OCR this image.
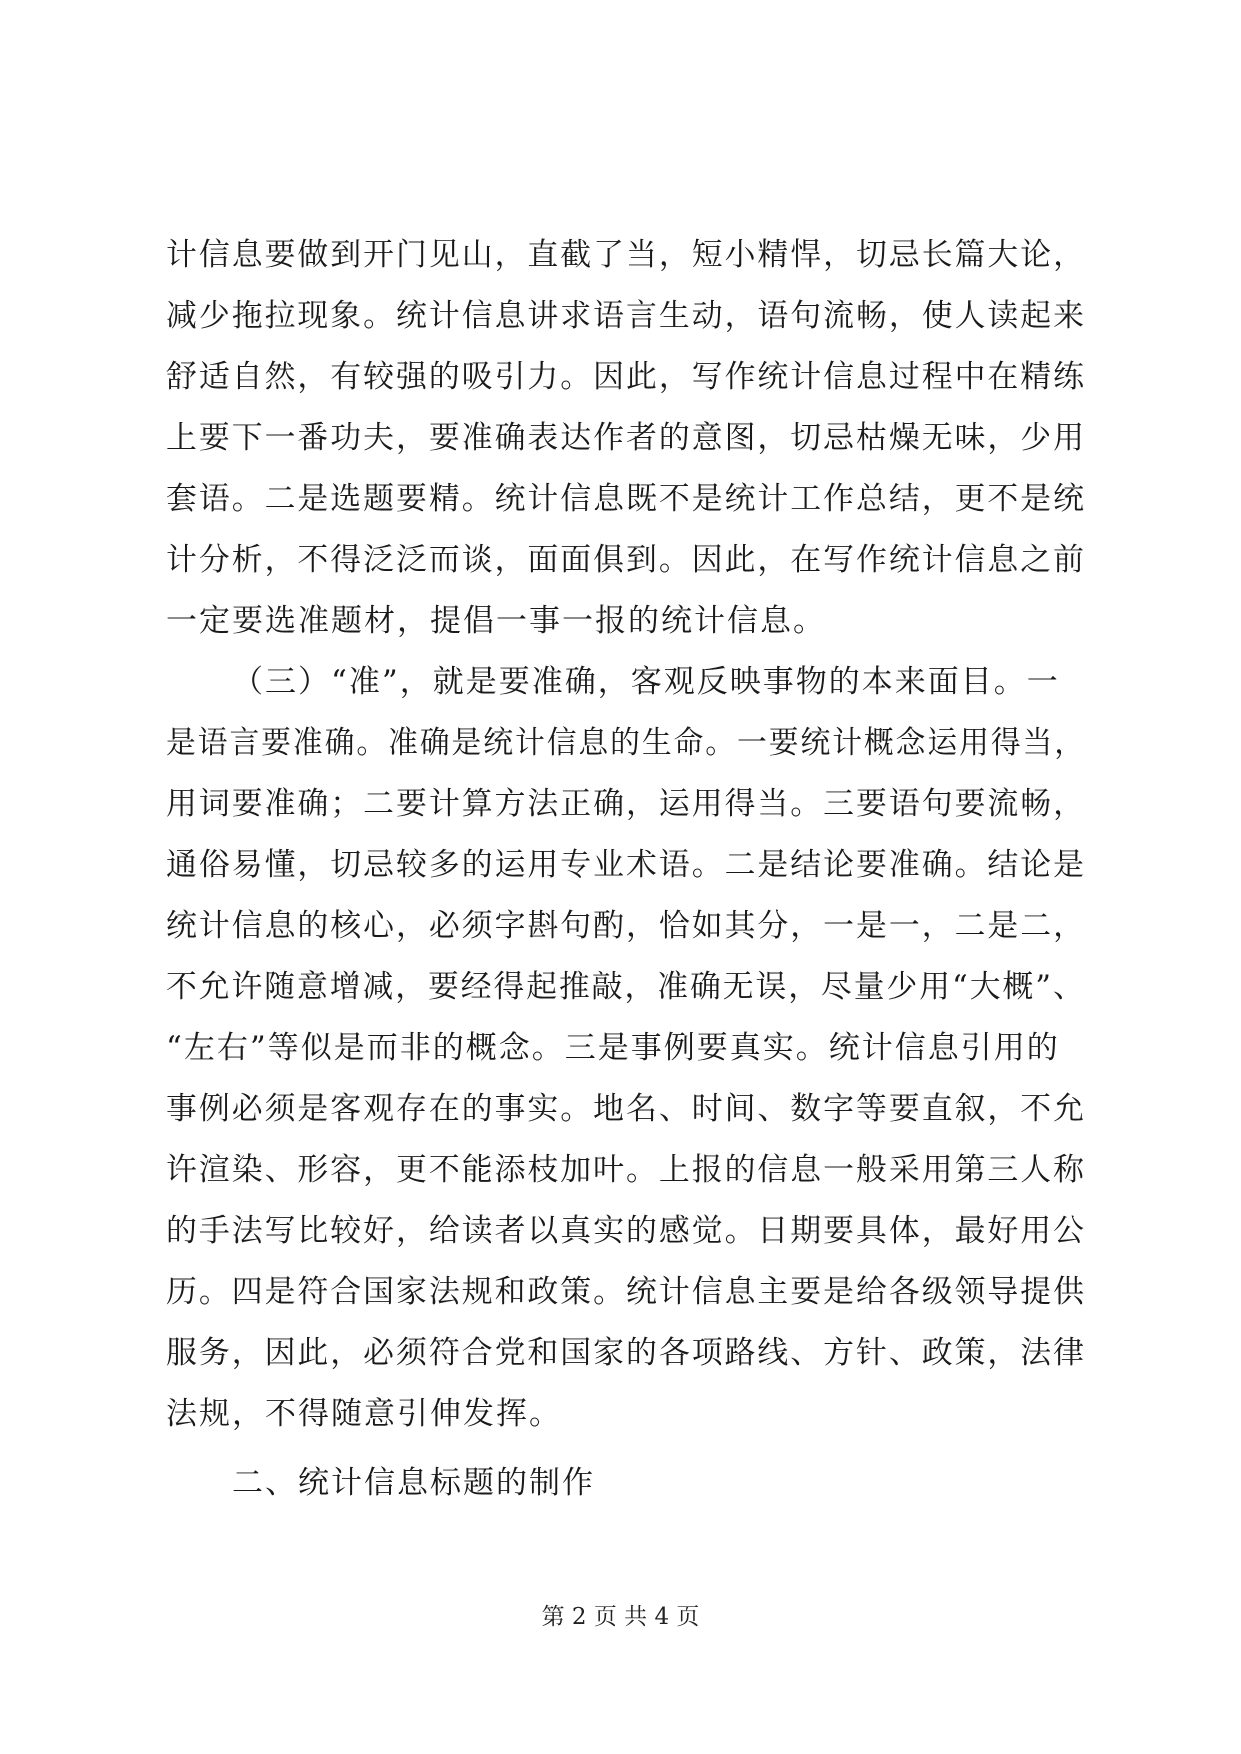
计信息要做到开门见山，直截了当，短小精悍，切忌长篇大论，
减少拖拉现象。统计信息讲求语言生动，语句流畅，使人读起来
舒适自然，有较强的吸引力。因此，写作统计信息过程中在精练
上要下一番功夫，要准确表达作者的意图，切忌枯燥无味，少用
套语。二是选题要精。统计信息既不是统计工作总结，更不是统
计分析，不得泛泛而谈，面面俱到。因此，在写作统计信息之前
一定要选准题材，提倡一事一报的统计信息。
（三）“准”，就是要准确，客观反映事物的本来面目。一
是语言要准确。准确是统计信息的生命。一要统计概念运用得当，
用词要准确；二要计算方法正确，运用得当。三要语句要流畅，
通俗易懂，切忌较多的运用专业术语。二是结论要准确。结论是
统计信息的核心，必须字斟句酌，恰如其分，一是一，二是二，
不允许随意增减，要经得起推敲，准确无误，尽量少用“大概”、
“左右”等似是而非的概念。三是事例要真实。统计信息引用的
事例必须是客观存在的事实。地名、时间、数字等要直叙，不允
许渲染、形容，更不能添枝加叶。上报的信息一般采用第三人称
的手法写比较好，给读者以真实的感觉。日期要具体，最好用公
历。四是符合国家法规和政策。统计信息主要是给各级领导提供
服务，因此，必须符合党和国家的各项路线、方针、政策，法律
法规，不得随意引伸发挥。
二、统计信息标题的制作
第 2 页 共 4 页
